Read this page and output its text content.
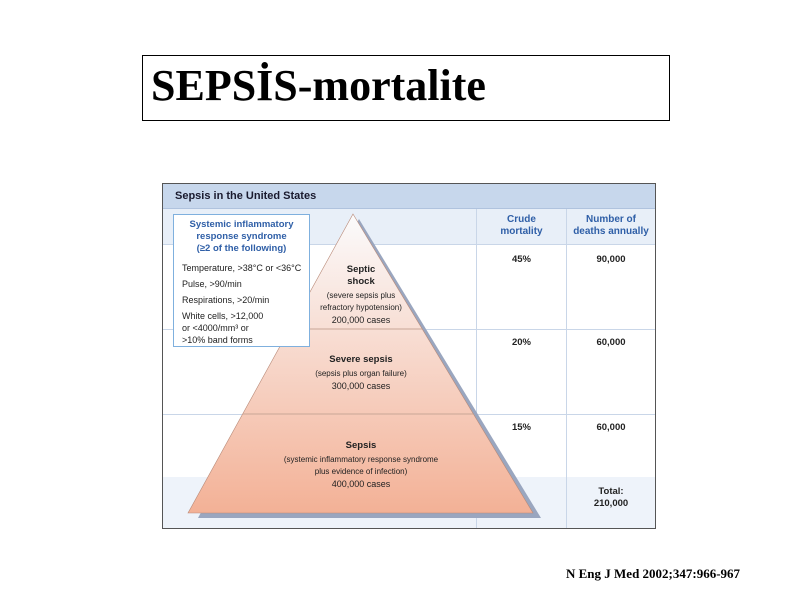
SEPSİS-mortalite
Sepsis in the United States
Crude
mortality
Number of
deaths annually
Septic
shock
(severe sepsis plus
refractory hypotension)
200,000 cases
Severe sepsis
(sepsis plus organ failure)
300,000 cases
Sepsis
(systemic inflammatory response syndrome
plus evidence of infection)
400,000 cases
Systemic inflammatory
response syndrome
(≥2 of the following)
Temperature, >38°C or <36°C
Pulse, >90/min
Respirations, >20/min
White cells, >12,000
or <4000/mm³ or
>10% band forms
45%	90,000
20%	60,000
15%	60,000
Total:
210,000
N Eng J Med 2002;347:966-967
